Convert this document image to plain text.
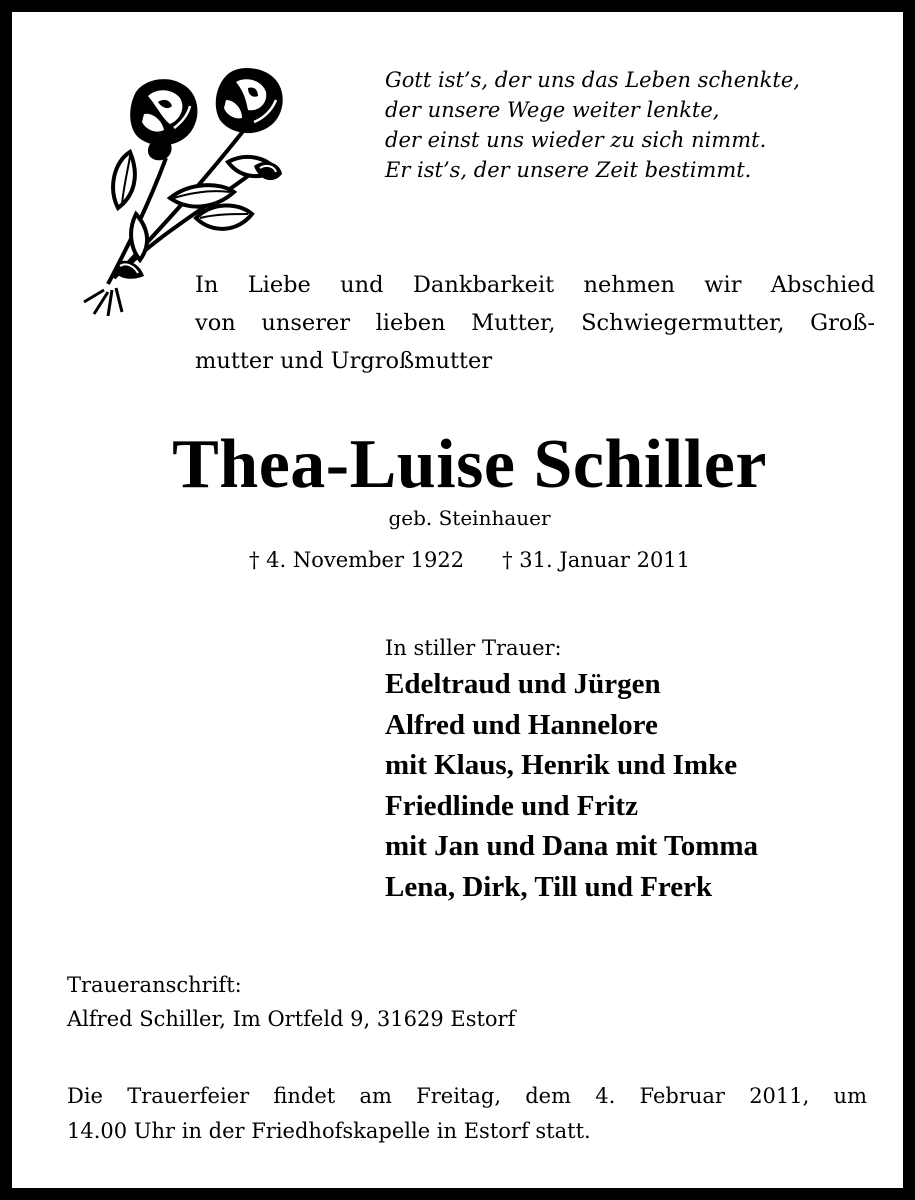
Gott ist’s, der uns das Leben schenkte,
der unsere Wege weiter lenkte,
der einst uns wieder zu sich nimmt.
Er ist’s, der unsere Zeit bestimmt.

In Liebe und Dankbarkeit nehmen wir Abschied
von unserer lieben Mutter, Schwiegermutter, Groß-
mutter und Urgroßmutter
Thea-Luise Schiller
geb. Steinhauer
† 4. November 1922 † 31. Januar 2011
In stiller Trauer:
Edeltraud und Jürgen
Alfred und Hannelore
mit Klaus, Henrik und Imke
Friedlinde und Fritz
mit Jan und Dana mit Tomma
Lena, Dirk, Till und Frerk
Traueranschrift:
Alfred Schiller, Im Ortfeld 9, 31629 Estorf
Die Trauerfeier findet am Freitag, dem 4. Februar 2011, um
14.00 Uhr in der Friedhofskapelle in Estorf statt.
